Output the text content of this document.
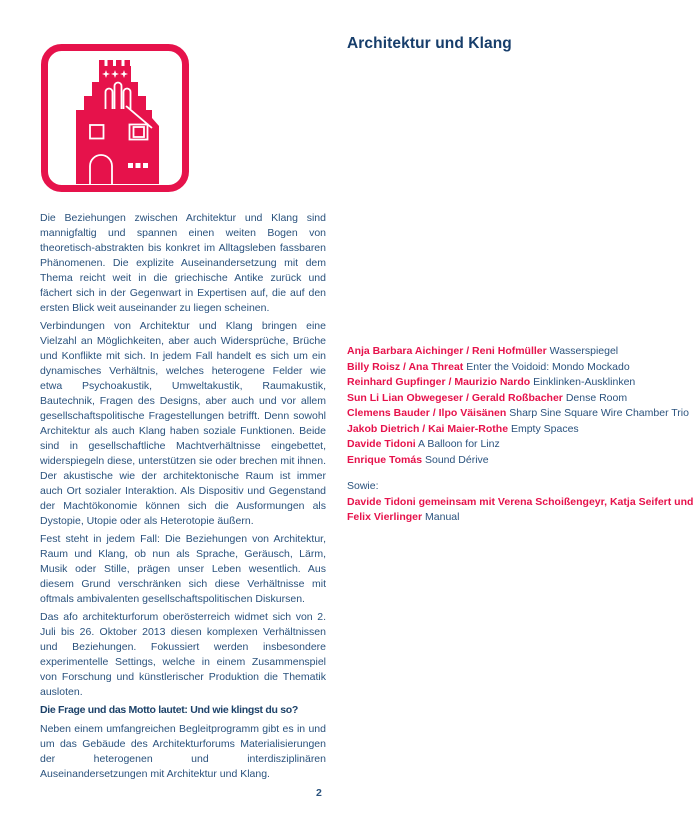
Architektur und Klang

Die Beziehungen zwischen Architektur und Klang sind mannigfaltig und spannen einen weiten Bogen von theoretisch-abstrakten bis konkret im Alltagsleben fassbaren Phänomenen. Die explizite Auseinandersetzung mit dem Thema reicht weit in die griechische Antike zurück und fächert sich in der Gegenwart in Expertisen auf, die auf den ersten Blick weit auseinander zu liegen scheinen.

Verbindungen von Architektur und Klang bringen eine Vielzahl an Möglichkeiten, aber auch Widersprüche, Brüche und Konflikte mit sich. In jedem Fall handelt es sich um ein dynamisches Verhältnis, welches heterogene Felder wie etwa Psychoakustik, Umweltakustik, Raumakustik, Bautechnik, Fragen des Designs, aber auch und vor allem gesellschaftspolitische Fragestellungen betrifft. Denn sowohl Architektur als auch Klang haben soziale Funktionen. Beide sind in gesellschaftliche Machtverhältnisse eingebettet, widerspiegeln diese, unterstützen sie oder brechen mit ihnen. Der akustische wie der architektonische Raum ist immer auch Ort sozialer Interaktion. Als Dispositiv und Gegenstand der Machtökonomie können sich die Ausformungen als Dystopie, Utopie oder als Heterotopie äußern.

Fest steht in jedem Fall: Die Beziehungen von Architektur, Raum und Klang, ob nun als Sprache, Geräusch, Lärm, Musik oder Stille, prägen unser Leben wesentlich. Aus diesem Grund verschränken sich diese Verhältnisse mit oftmals ambivalenten gesellschaftspolitischen Diskursen.

Das afo architekturforum oberösterreich widmet sich von 2. Juli bis 26. Oktober 2013 diesen komplexen Verhältnissen und Beziehungen. Fokussiert werden insbesondere experimentelle Settings, welche in einem Zusammenspiel von Forschung und künstlerischer Produktion die Thematik ausloten.

Die Frage und das Motto lautet: Und wie klingst du so?

Neben einem umfangreichen Begleitprogramm gibt es in und um das Gebäude des Architekturforums Materialisierungen der heterogenen und interdisziplinären Auseinandersetzungen mit Architektur und Klang.

Anja Barbara Aichinger / Reni Hofmüller Wasserspiegel
Billy Roisz / Ana Threat Enter the Voidoid: Mondo Mockado
Reinhard Gupfinger / Maurizio Nardo Einklinken-Ausklinken
Sun Li Lian Obwegeser / Gerald Roßbacher Dense Room
Clemens Bauder / Ilpo Väisänen Sharp Sine Square Wire Chamber Trio
Jakob Dietrich / Kai Maier-Rothe Empty Spaces
Davide Tidoni A Balloon for Linz
Enrique Tomás Sound Dérive
Sowie:
Davide Tidoni gemeinsam mit Verena Schoißengeyr, Katja Seifert und Felix Vierlinger Manual
2
